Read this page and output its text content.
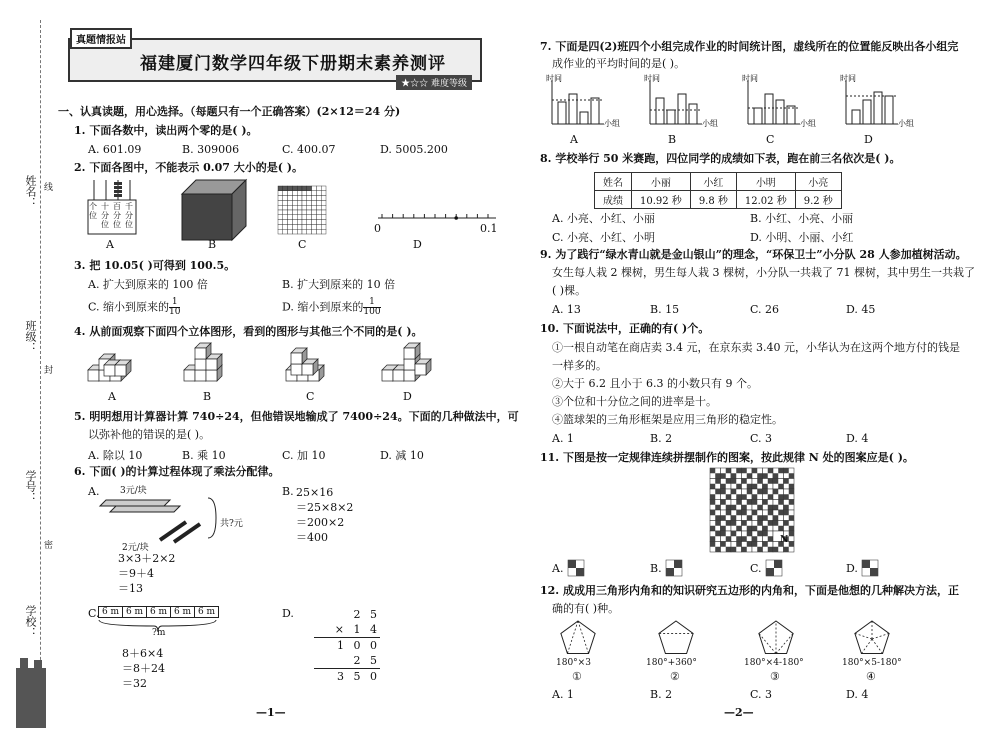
姓名：
班级：
学号：
学校：
线
封
密
真题情报站
福建厦门数学四年级下册期末素养测评
★☆☆ 难度等级
一、认真读题，用心选择。（每题只有一个正确答案）(2×12＝24 分)
1. 下面各数中，读出两个零的是( )。
A. 601.09	B. 309006	C. 400.07	D. 5005.200
2. 下面各图中，不能表示 0.07 大小的是( )。
个位
十分位
百分位
千分位	0	0.1
A	B	C	D
3. 把 10.05( )可得到 100.5。
A. 扩大到原来的 100 倍	B. 扩大到原来的 10 倍
C. 缩小到原来的 $\frac{1}{10}$	D. 缩小到原来的 $\frac{1}{100}$
4. 从前面观察下面四个立体图形，看到的图形与其他三个不同的是( )。
A	B	C	D
5. 明明想用计算器计算 740÷24，但他错误地输成了 7400÷24。下面的几种做法中，可
以弥补他的错误的是( )。
A. 除以 10	B. 乘 10	C. 加 10	D. 减 10
6. 下面( )的计算过程体现了乘法分配律。
A. 3元/块
共?元
2元/块
3×3＋2×2
＝9＋4
＝13
B. 25×16
＝25×8×2
＝200×2
＝400
C. 6 m 6 m 6 m 6 m 6 m
?m
8＋6×4
＝8＋24
＝32
D.	2 5
× 1 4
1 0 0
2 5
3 5 0
—1—
7. 下面是四(2)班四个小组完成作业的时间统计图，虚线所在的位置能反映出各小组完
成作业的平均时间的是( )。
时间	时间	时间	时间
小组	小组	小组	小组
A	B	C	D
8. 学校举行 50 米赛跑，四位同学的成绩如下表，跑在前三名依次是( )。
姓名	小丽	小红	小明	小亮
成绩	10.92 秒	9.8 秒	12.02 秒	9.2 秒
A. 小亮、小红、小丽	B. 小红、小亮、小丽
C. 小亮、小红、小明	D. 小明、小丽、小红
9. 为了践行“绿水青山就是金山银山”的理念，“环保卫士”小分队 28 人参加植树活动。
女生每人栽 2 棵树，男生每人栽 3 棵树，小分队一共栽了 71 棵树，其中男生一共栽了
( )棵。
A. 13	B. 15	C. 26	D. 45
10. 下面说法中，正确的有( )个。
①一根自动笔在商店卖 3.4 元，在京东卖 3.40 元，小华认为在这两个地方付的钱是
一样多的。
②大于 6.2 且小于 6.3 的小数只有 9 个。
③个位和十分位之间的进率是十。
④篮球架的三角形框架是应用三角形的稳定性。
A. 1	B. 2	C. 3	D. 4
11. 下图是按一定规律连续拼摆制作的图案，按此规律 N 处的图案应是( )。
N
A.	B.	C.	D.
12. 成成用三角形内角和的知识研究五边形的内角和，下面是他想的几种解决方法，正
确的有( )种。
180°×3	180°+360°	180°×4-180°	180°×5-180°
①	②	③	④
A. 1	B. 2	C. 3	D. 4
—2—
